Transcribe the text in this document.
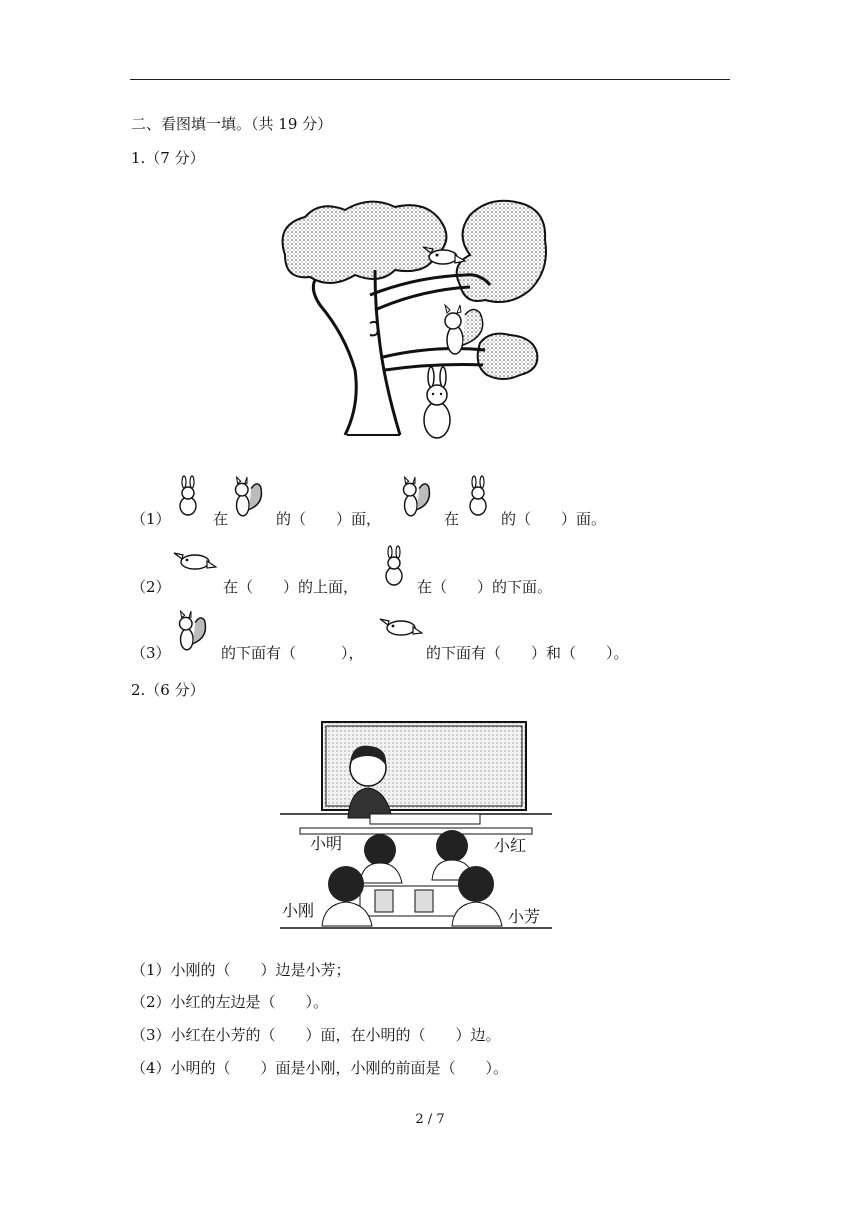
二、看图填一填。（共 19 分）
1.（7 分）
（1）	在	的（　　）面，	在	的（　　）面。
（2）	在（　　）的上面，	在（　　）的下面。
（3）	的下面有（　　　），	的下面有（　　）和（　　）。
2.（6 分）
小明	小红
小刚	小芳
（1）小刚的（　　）边是小芳；
（2）小红的左边是（　　）。
（3）小红在小芳的（　　）面，在小明的（　　）边。
（4）小明的（　　）面是小刚，小刚的前面是（　　）。
2 / 7
